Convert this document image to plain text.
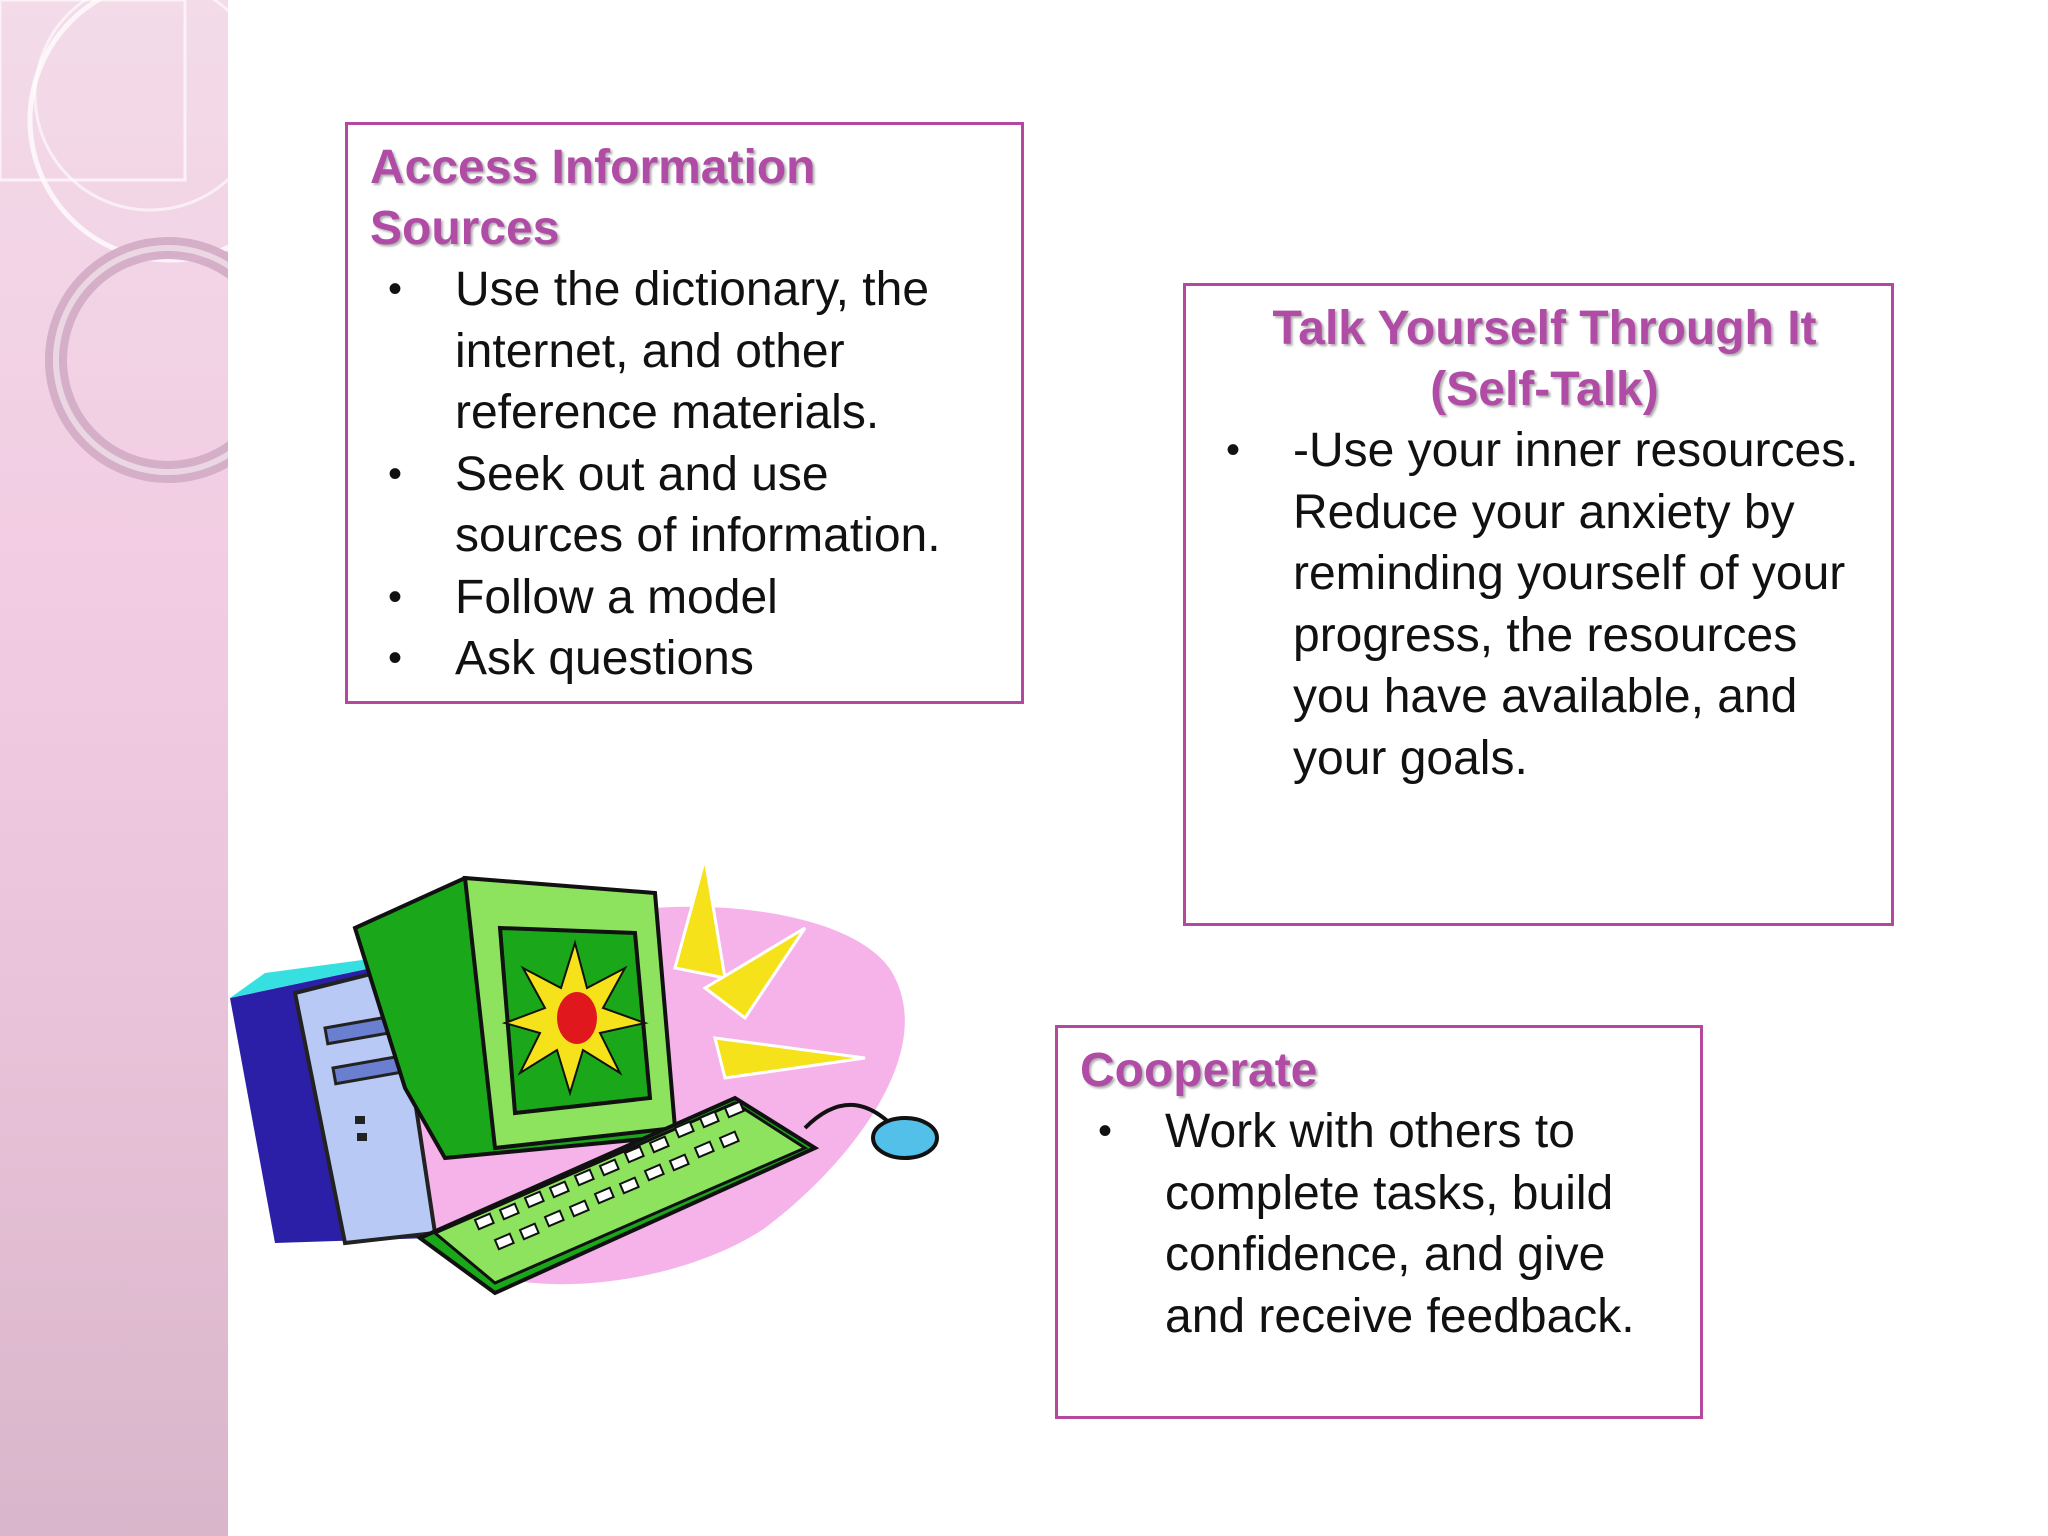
Access Information
Sources
• Use the dictionary, the
internet, and other
reference materials.
• Seek out and use
sources of information.
• Follow a model
• Ask questions
Talk Yourself Through It
(Self-Talk)
• -Use your inner resources.
Reduce your anxiety by
reminding yourself of your
progress, the resources
you have available, and
your goals.
Cooperate
• Work with others to
complete tasks, build
confidence, and give
and receive feedback.
